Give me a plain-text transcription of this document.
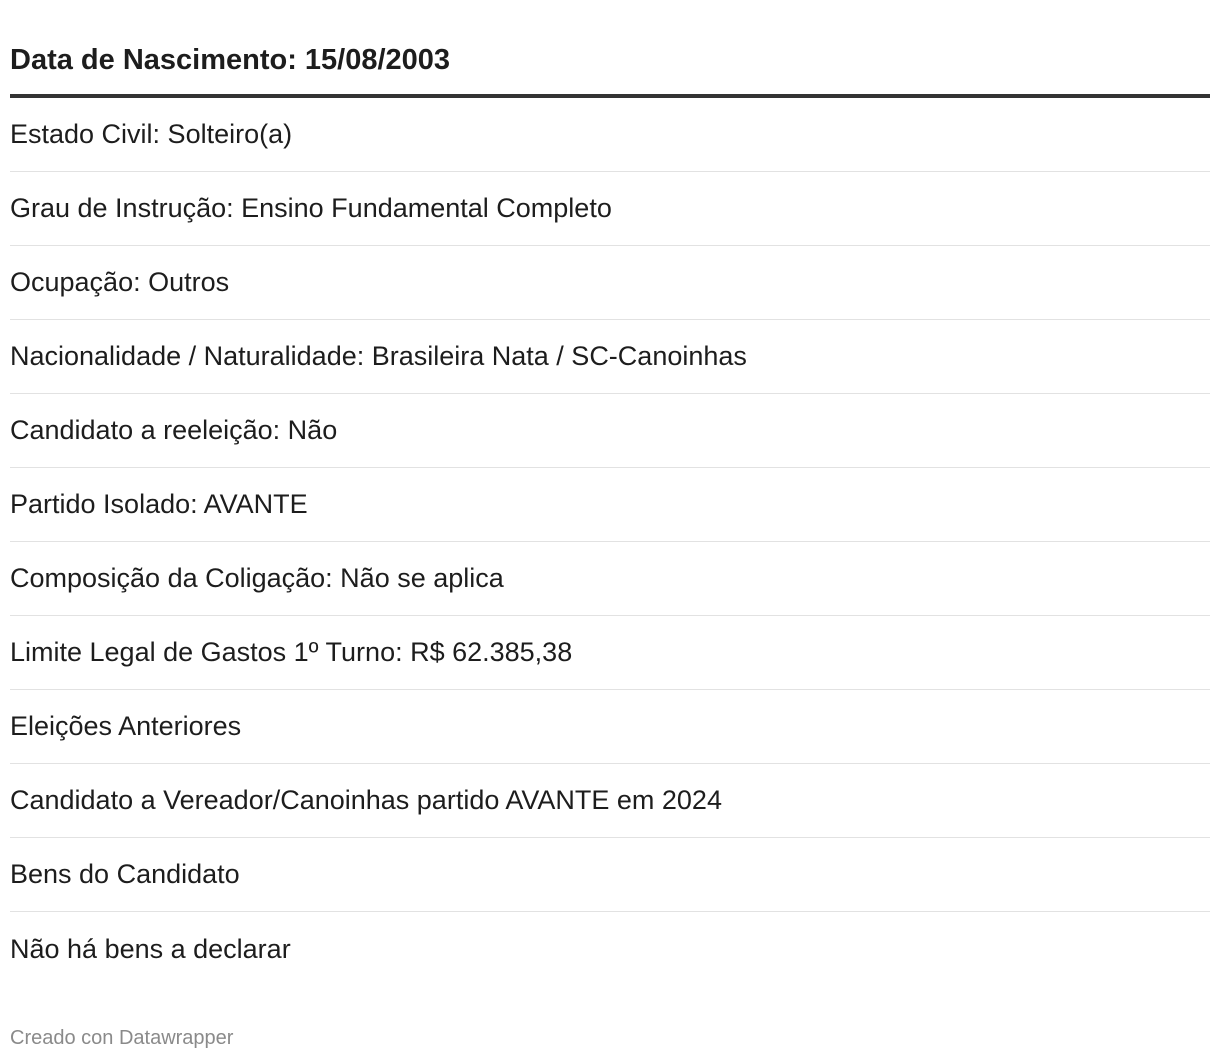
Data de Nascimento: 15/08/2003
Estado Civil: Solteiro(a)
Grau de Instrução: Ensino Fundamental Completo
Ocupação: Outros
Nacionalidade / Naturalidade: Brasileira Nata / SC-Canoinhas
Candidato a reeleição: Não
Partido Isolado: AVANTE
Composição da Coligação: Não se aplica
Limite Legal de Gastos 1º Turno: R$ 62.385,38
Eleições Anteriores
Candidato a Vereador/Canoinhas partido AVANTE em 2024
Bens do Candidato
Não há bens a declarar
Creado con Datawrapper
